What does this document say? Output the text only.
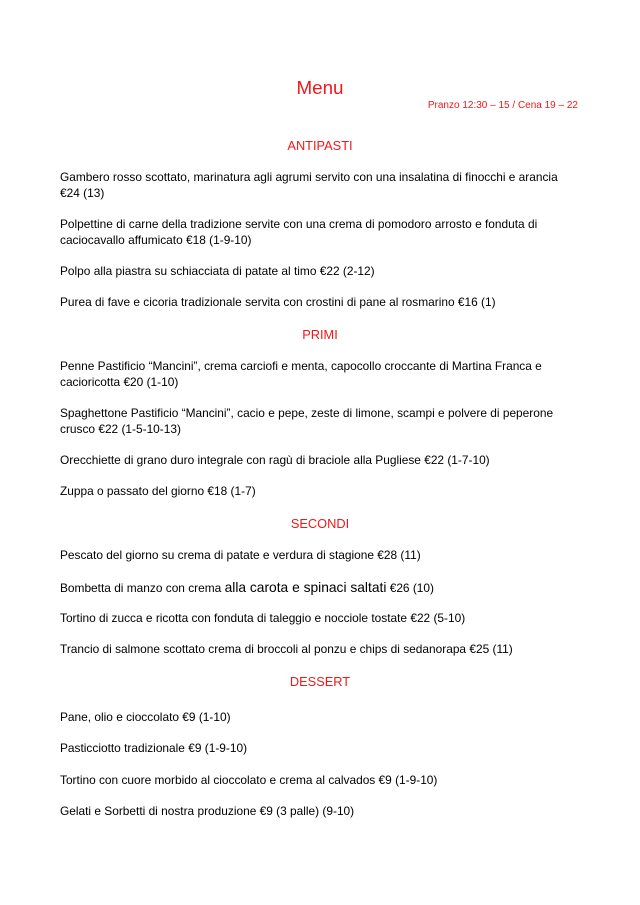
Menu
Pranzo 12:30 – 15 / Cena 19 – 22
ANTIPASTI
Gambero rosso scottato, marinatura agli agrumi servito con una insalatina di finocchi e arancia
€24 (13)
Polpettine di carne della tradizione servite con una crema di pomodoro arrosto e fonduta di
caciocavallo affumicato €18 (1-9-10)
Polpo alla piastra su schiacciata di patate al timo €22 (2-12)
Purea di fave e cicoria tradizionale servita con crostini di pane al rosmarino €16 (1)
PRIMI
Penne Pastificio “Mancini”, crema carciofi e menta, capocollo croccante di Martina Franca e
cacioricotta €20 (1-10)
Spaghettone Pastificio “Mancini”, cacio e pepe, zeste di limone, scampi e polvere di peperone
crusco €22 (1-5-10-13)
Orecchiette di grano duro integrale con ragù di braciole alla Pugliese €22 (1-7-10)
Zuppa o passato del giorno €18 (1-7)
SECONDI
Pescato del giorno su crema di patate e verdura di stagione €28 (11)
Bombetta di manzo con crema alla carota e spinaci saltati €26 (10)
Tortino di zucca e ricotta con fonduta di taleggio e nocciole tostate €22 (5-10)
Trancio di salmone scottato crema di broccoli al ponzu e chips di sedanorapa €25 (11)
DESSERT
Pane, olio e cioccolato €9 (1-10)
Pasticciotto tradizionale €9 (1-9-10)
Tortino con cuore morbido al cioccolato e crema al calvados €9 (1-9-10)
Gelati e Sorbetti di nostra produzione €9 (3 palle) (9-10)
